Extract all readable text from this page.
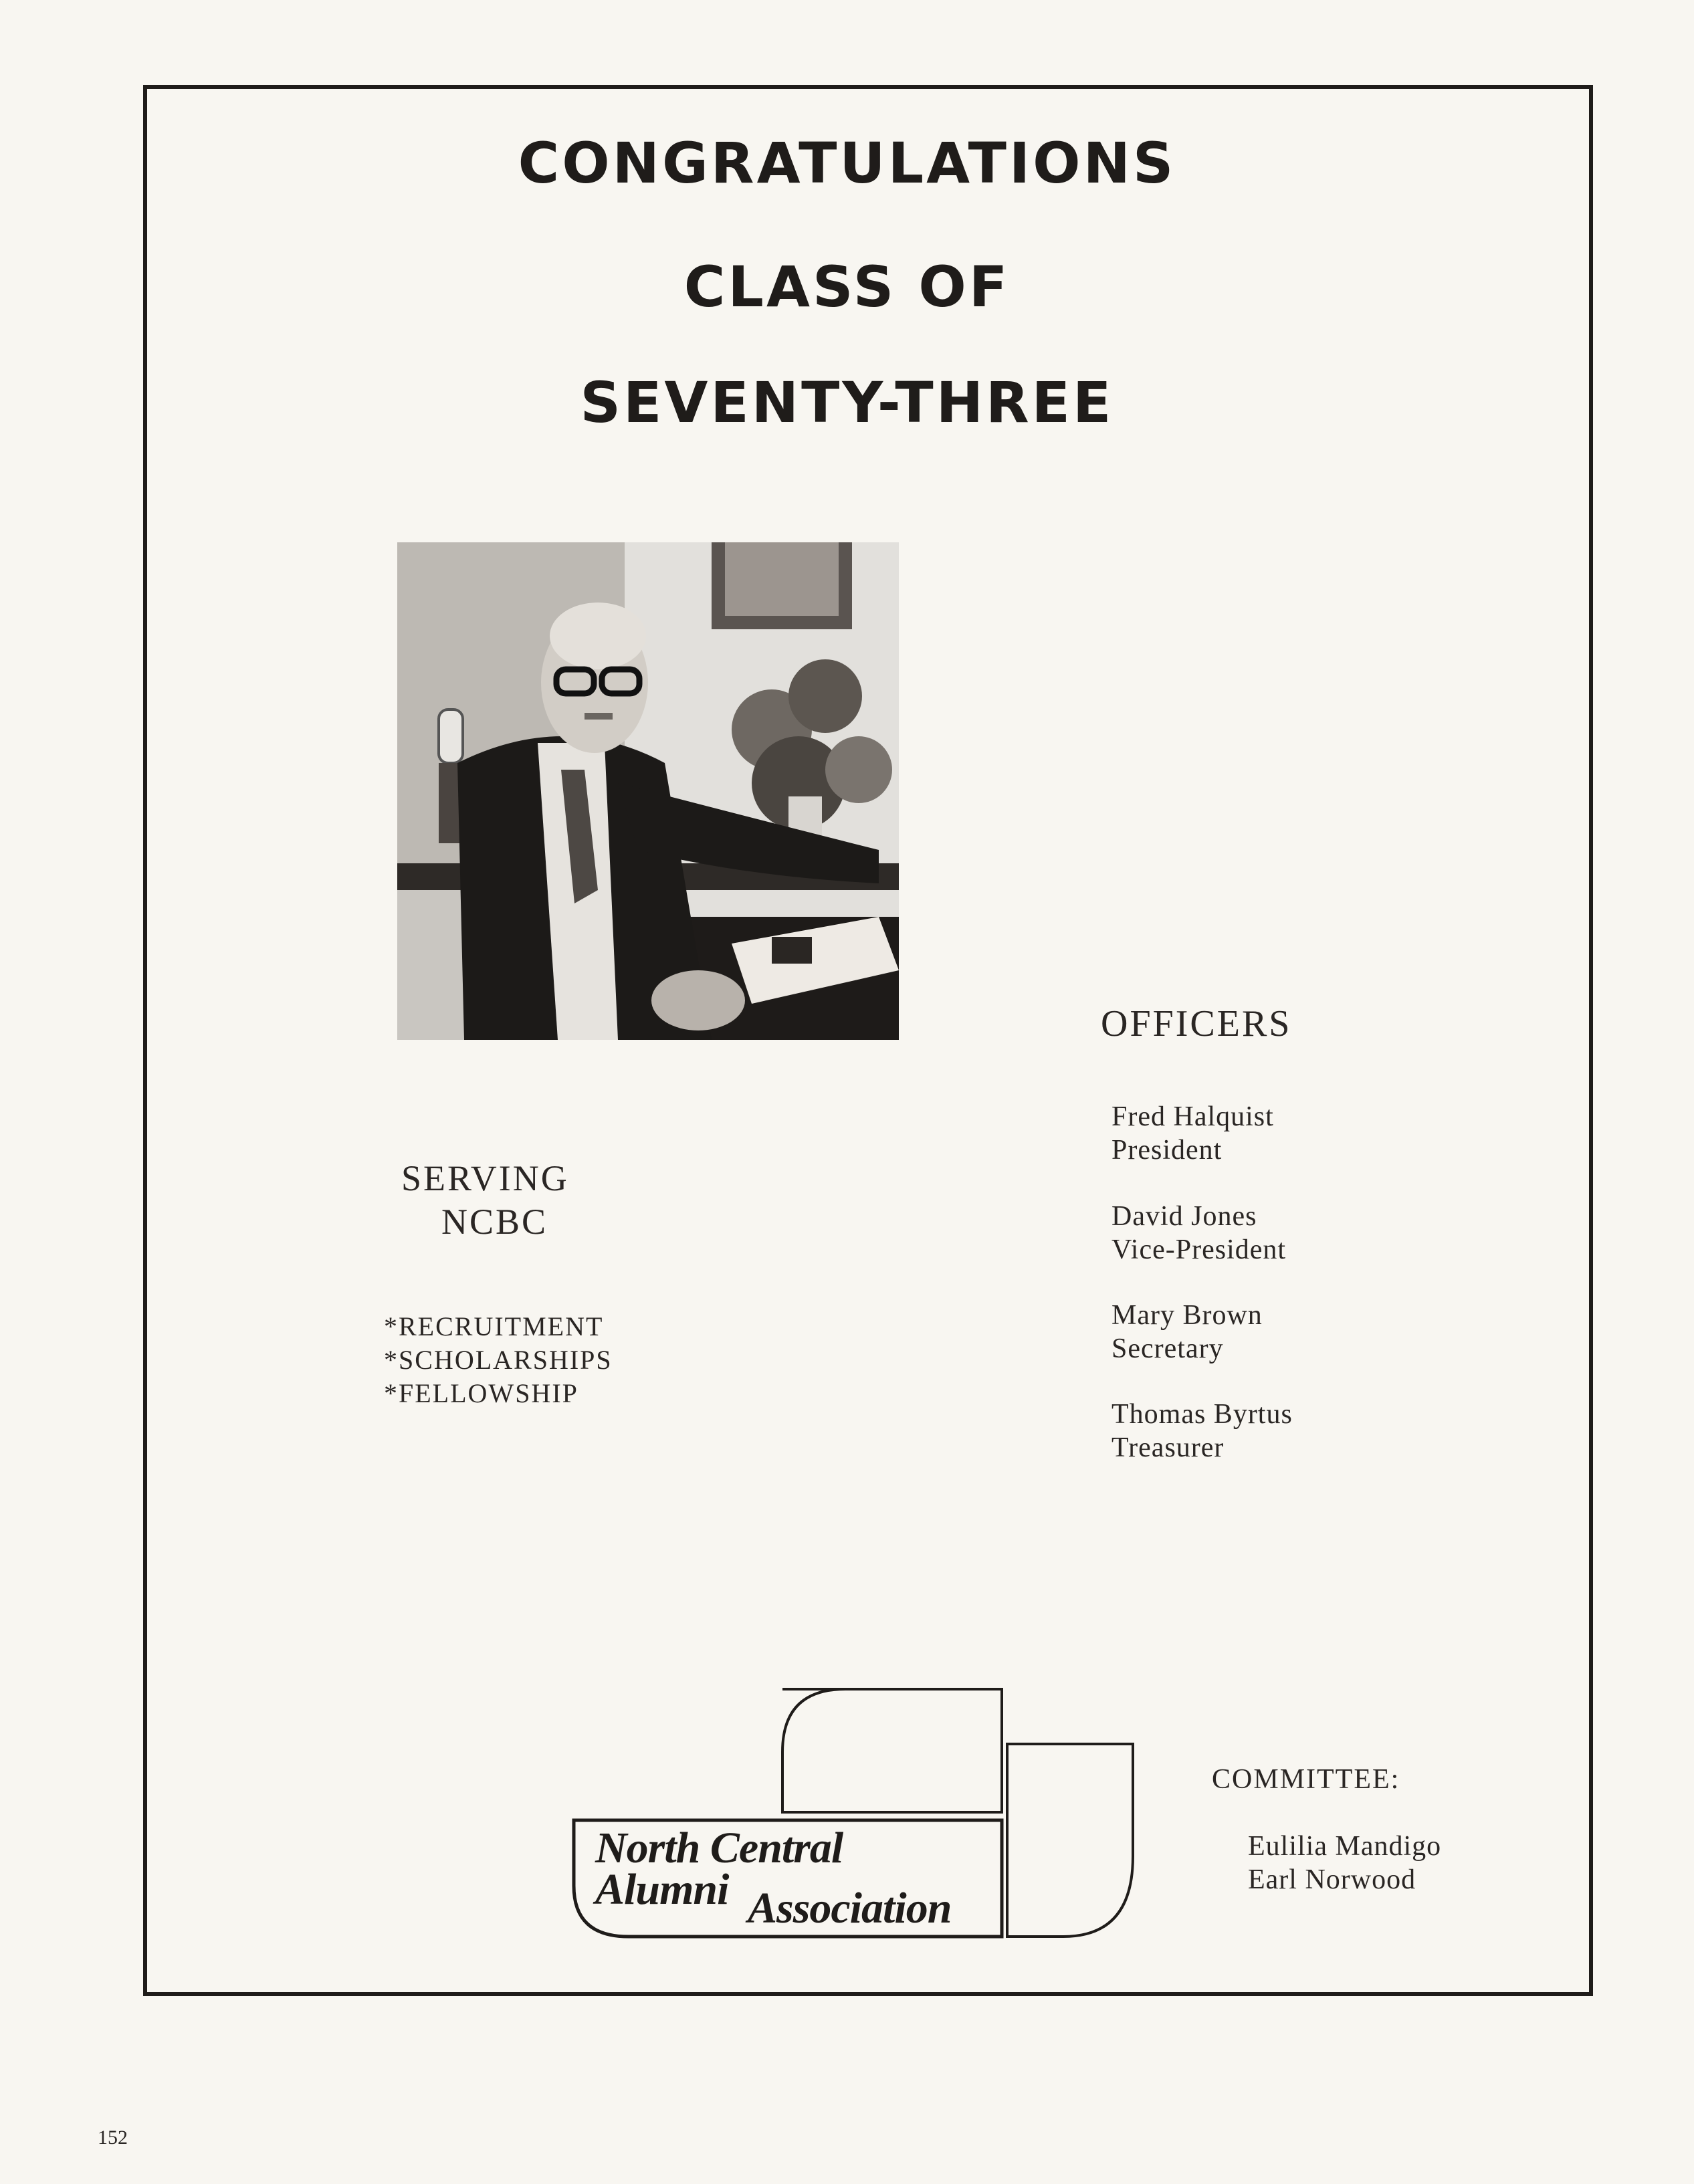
CONGRATULATIONS
CLASS OF
SEVENTY-THREE
SERVING
NCBC
*RECRUITMENT
*SCHOLARSHIPS
*FELLOWSHIP
OFFICERS
Fred Halquist
President
David Jones
Vice-President
Mary Brown
Secretary
Thomas Byrtus
Treasurer
COMMITTEE:
Eulilia Mandigo
Earl Norwood
North Central
Alumni Association
152
